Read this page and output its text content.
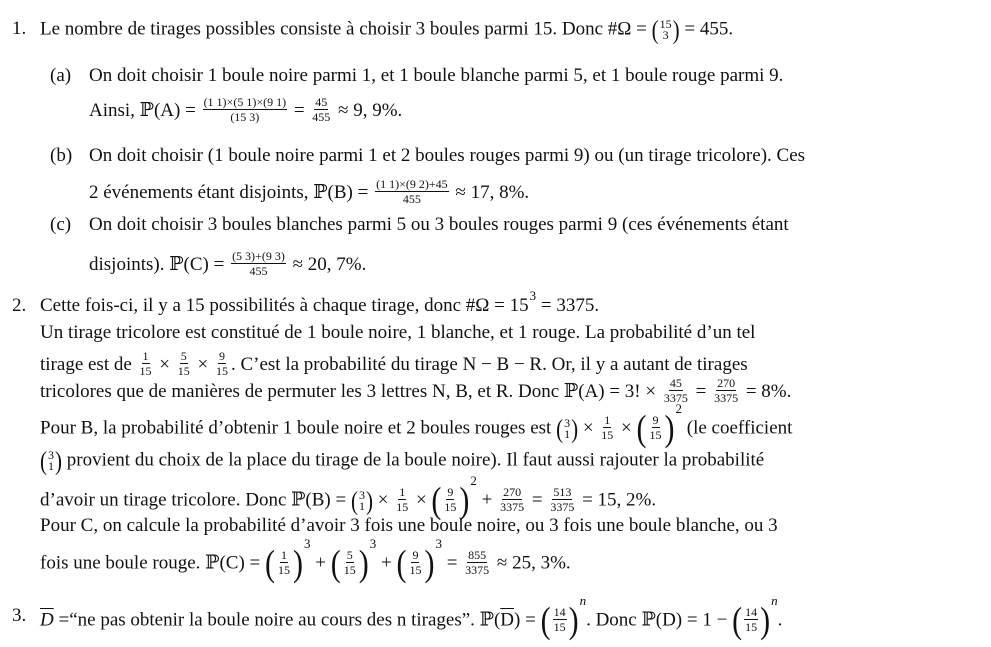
1. Le nombre de tirages possibles consiste à choisir 3 boules parmi 15. Donc #Ω = ( 15
3 ) = 455.
(a) On doit choisir 1 boule noire parmi 1, et 1 boule blanche parmi 5, et 1 boule rouge parmi 9.
Ainsi, ℙ(A) = $\frac{(1 1)\times(5 1)\times(9 1)}{(15 3)} = \frac{45}{455} \approx 9$, 9%.
(b) On doit choisir (1 boule noire parmi 1 et 2 boules rouges parmi 9) ou (un tirage tricolore). Ces
2 événements étant disjoints, ℙ(B) = $\frac{(1 1)\times(9 2)+45}{455} \approx 17$, 8%.
(c) On doit choisir 3 boules blanches parmi 5 ou 3 boules rouges parmi 9 (ces événements étant
disjoints). ℙ(C) = $\frac{(5 3)+(9 3)}{455} \approx 20$, 7%.
2. Cette fois-ci, il y a 15 possibilités à chaque tirage, donc #Ω = $15^3 = 3375$.
Un tirage tricolore est constitué de 1 boule noire, 1 blanche, et 1 rouge. La probabilité d’un tel
tirage est de $\frac{1}{15} \times \frac{5}{15} \times \frac{9}{15}$ . C’est la probabilité du tirage N − B − R. Or, il y a autant de tirages
tricolores que de manières de permuter les 3 lettres N, B, et R. Donc ℙ(A) = 3! × $\frac{45}{3375} = \frac{270}{3375} = 8\%$.
Pour B, la probabilité d’obtenir 1 boule noire et 2 boules rouges est ( 3
1 ) × $\frac{1}{15}$ × ( 9
15 ) $^2$ (le coefficient
( 3
1 ) provient du choix de la place du tirage de la boule noire). Il faut aussi rajouter la probabilité
d’avoir un tirage tricolore. Donc ℙ(B) = ( 3
1 ) × $\frac{1}{15}$ × ( 9
15 ) $^2 + \frac{270}{3375} = \frac{513}{3375} = 15$, 2%.
Pour C, on calcule la probabilité d’avoir 3 fois une boule noire, ou 3 fois une boule blanche, ou 3
fois une boule rouge. ℙ(C) = ( 1
15 ) $^3$ + ( 5
15 ) $^3$ + ( 9
15 ) $^3 = \frac{855}{3375} \approx 25$, 3%.
3. $\overline{D}$ =“ne pas obtenir la boule noire au cours des n tirages”. $ℙ(\overline{D})$ = ( 14
15 ) $^n$. Donc ℙ(D) = 1 − ( 14
15 ) $^n$.
